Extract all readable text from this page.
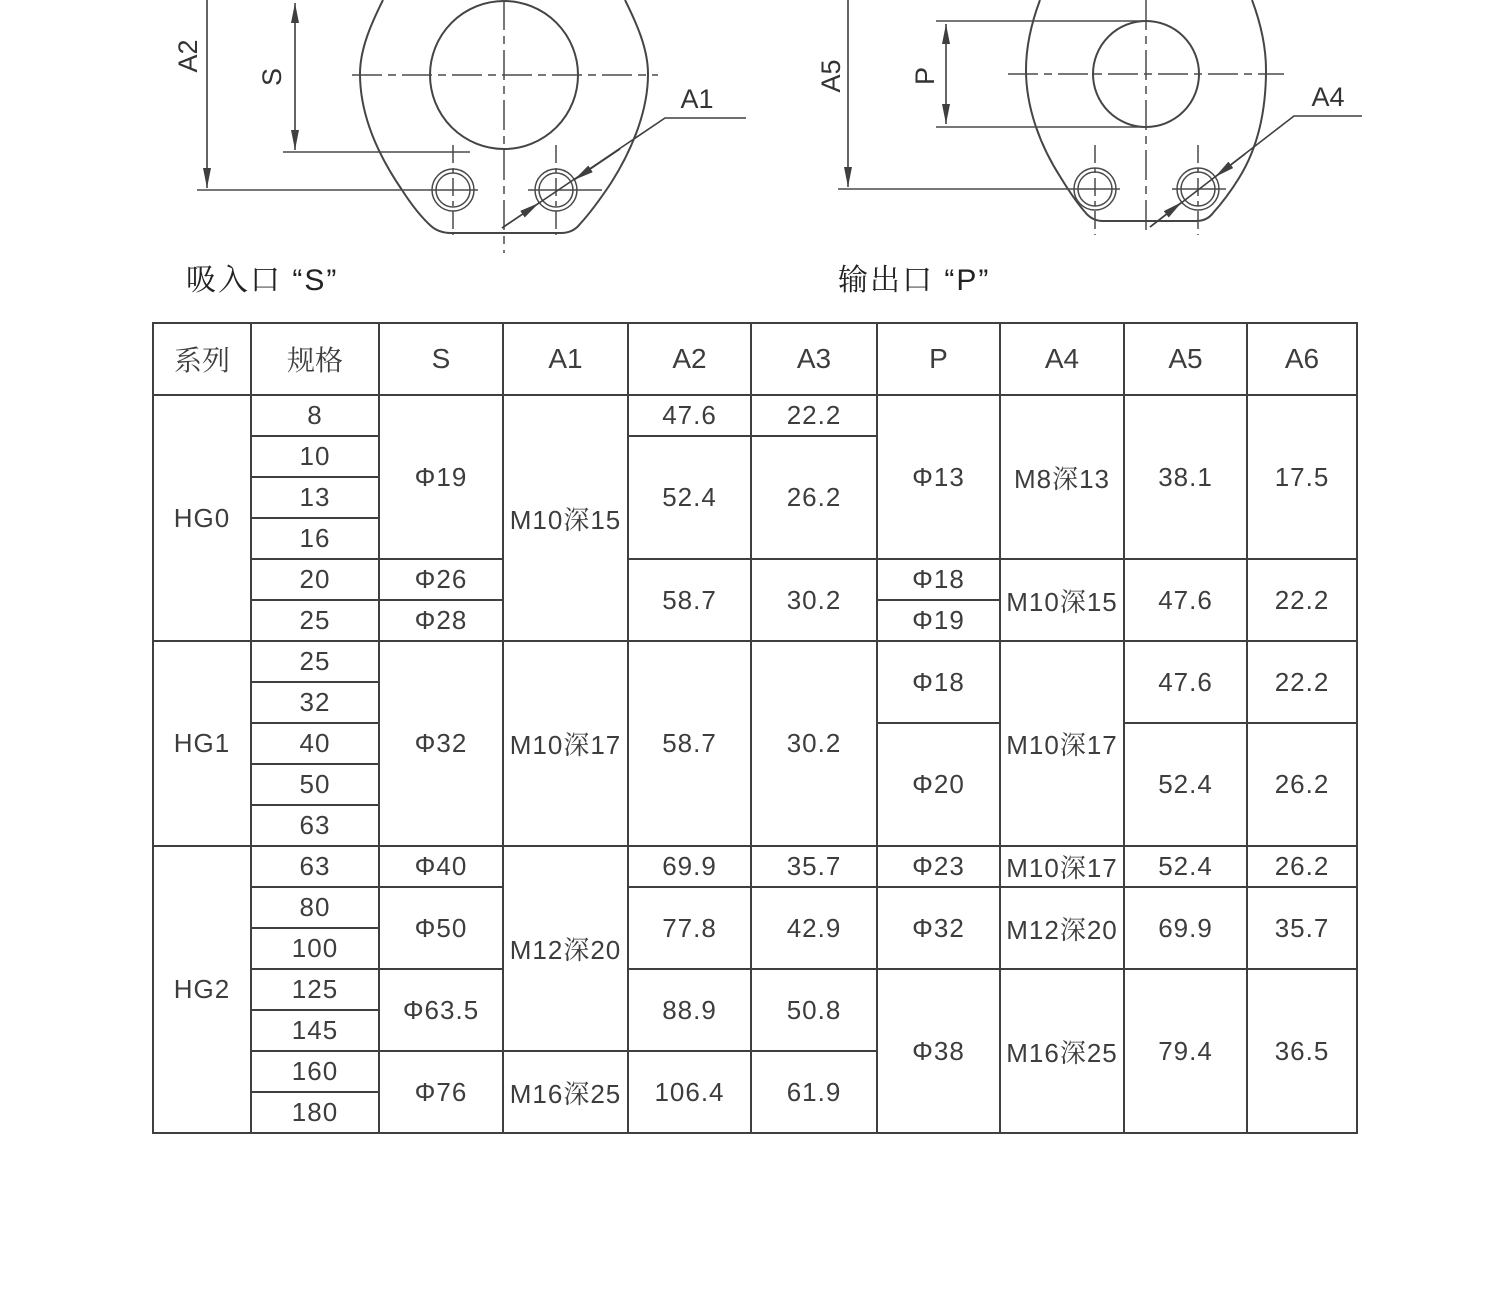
A2
S
A1
A5 P
A4
吸入口 “S”	输出口 “P”
系列	规格	S	A1	A2	A3	P	A4	A5	A6
HG0	8	Φ19	M10深15	47.6	22.2	Φ13	M8深13	38.1	17.5
	10			52.4	26.2				
	13								
	16								
	20	Φ26		58.7	30.2	Φ18	M10深15	47.6	22.2
	25	Φ28				Φ19			
HG1	25	Φ32	M10深17	58.7	30.2	Φ18	M10深17	47.6	22.2
	32								
	40					Φ20		52.4	26.2
	50								
	63								
HG2	63	Φ40	M12深20	69.9	35.7	Φ23	M10深17	52.4	26.2
	80	Φ50		77.8	42.9	Φ32	M12深20	69.9	35.7
	100								
	125	Φ63.5		88.9	50.8	Φ38	M16深25	79.4	36.5
	145								
	160	Φ76	M16深25	106.4	61.9				
	180								
